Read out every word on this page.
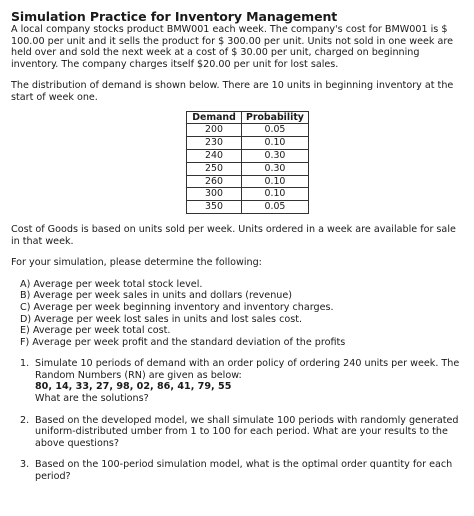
Simulation Practice for Inventory Management

A local company stocks product BMW001 each week. The company's cost for BMW001 is $ 100.00 per unit and it sells the product for $ 300.00 per unit. Units not sold in one week are held over and sold the next week at a cost of $ 30.00 per unit, charged on beginning inventory. The company charges itself $20.00 per unit for lost sales.

The distribution of demand is shown below. There are 10 units in beginning inventory at the start of week one.

Demand	Probability
200	0.05
230	0.10
240	0.30
250	0.30
260	0.10
300	0.10
350	0.05

Cost of Goods is based on units sold per week. Units ordered in a week are available for sale in that week.

For your simulation, please determine the following:

A) Average per week total stock level.
B) Average per week sales in units and dollars (revenue)
C) Average per week beginning inventory and inventory charges.
D) Average per week lost sales in units and lost sales cost.
E) Average per week total cost.
F) Average per week profit and the standard deviation of the profits
1. Simulate 10 periods of demand with an order policy of ordering 240 units per week. The Random Numbers (RN) are given as below:
80, 14, 33, 27, 98, 02, 86, 41, 79, 55
What are the solutions?
2. Based on the developed model, we shall simulate 100 periods with randomly generated uniform-distributed umber from 1 to 100 for each period. What are your results to the above questions?
3. Based on the 100-period simulation model, what is the optimal order quantity for each period?
